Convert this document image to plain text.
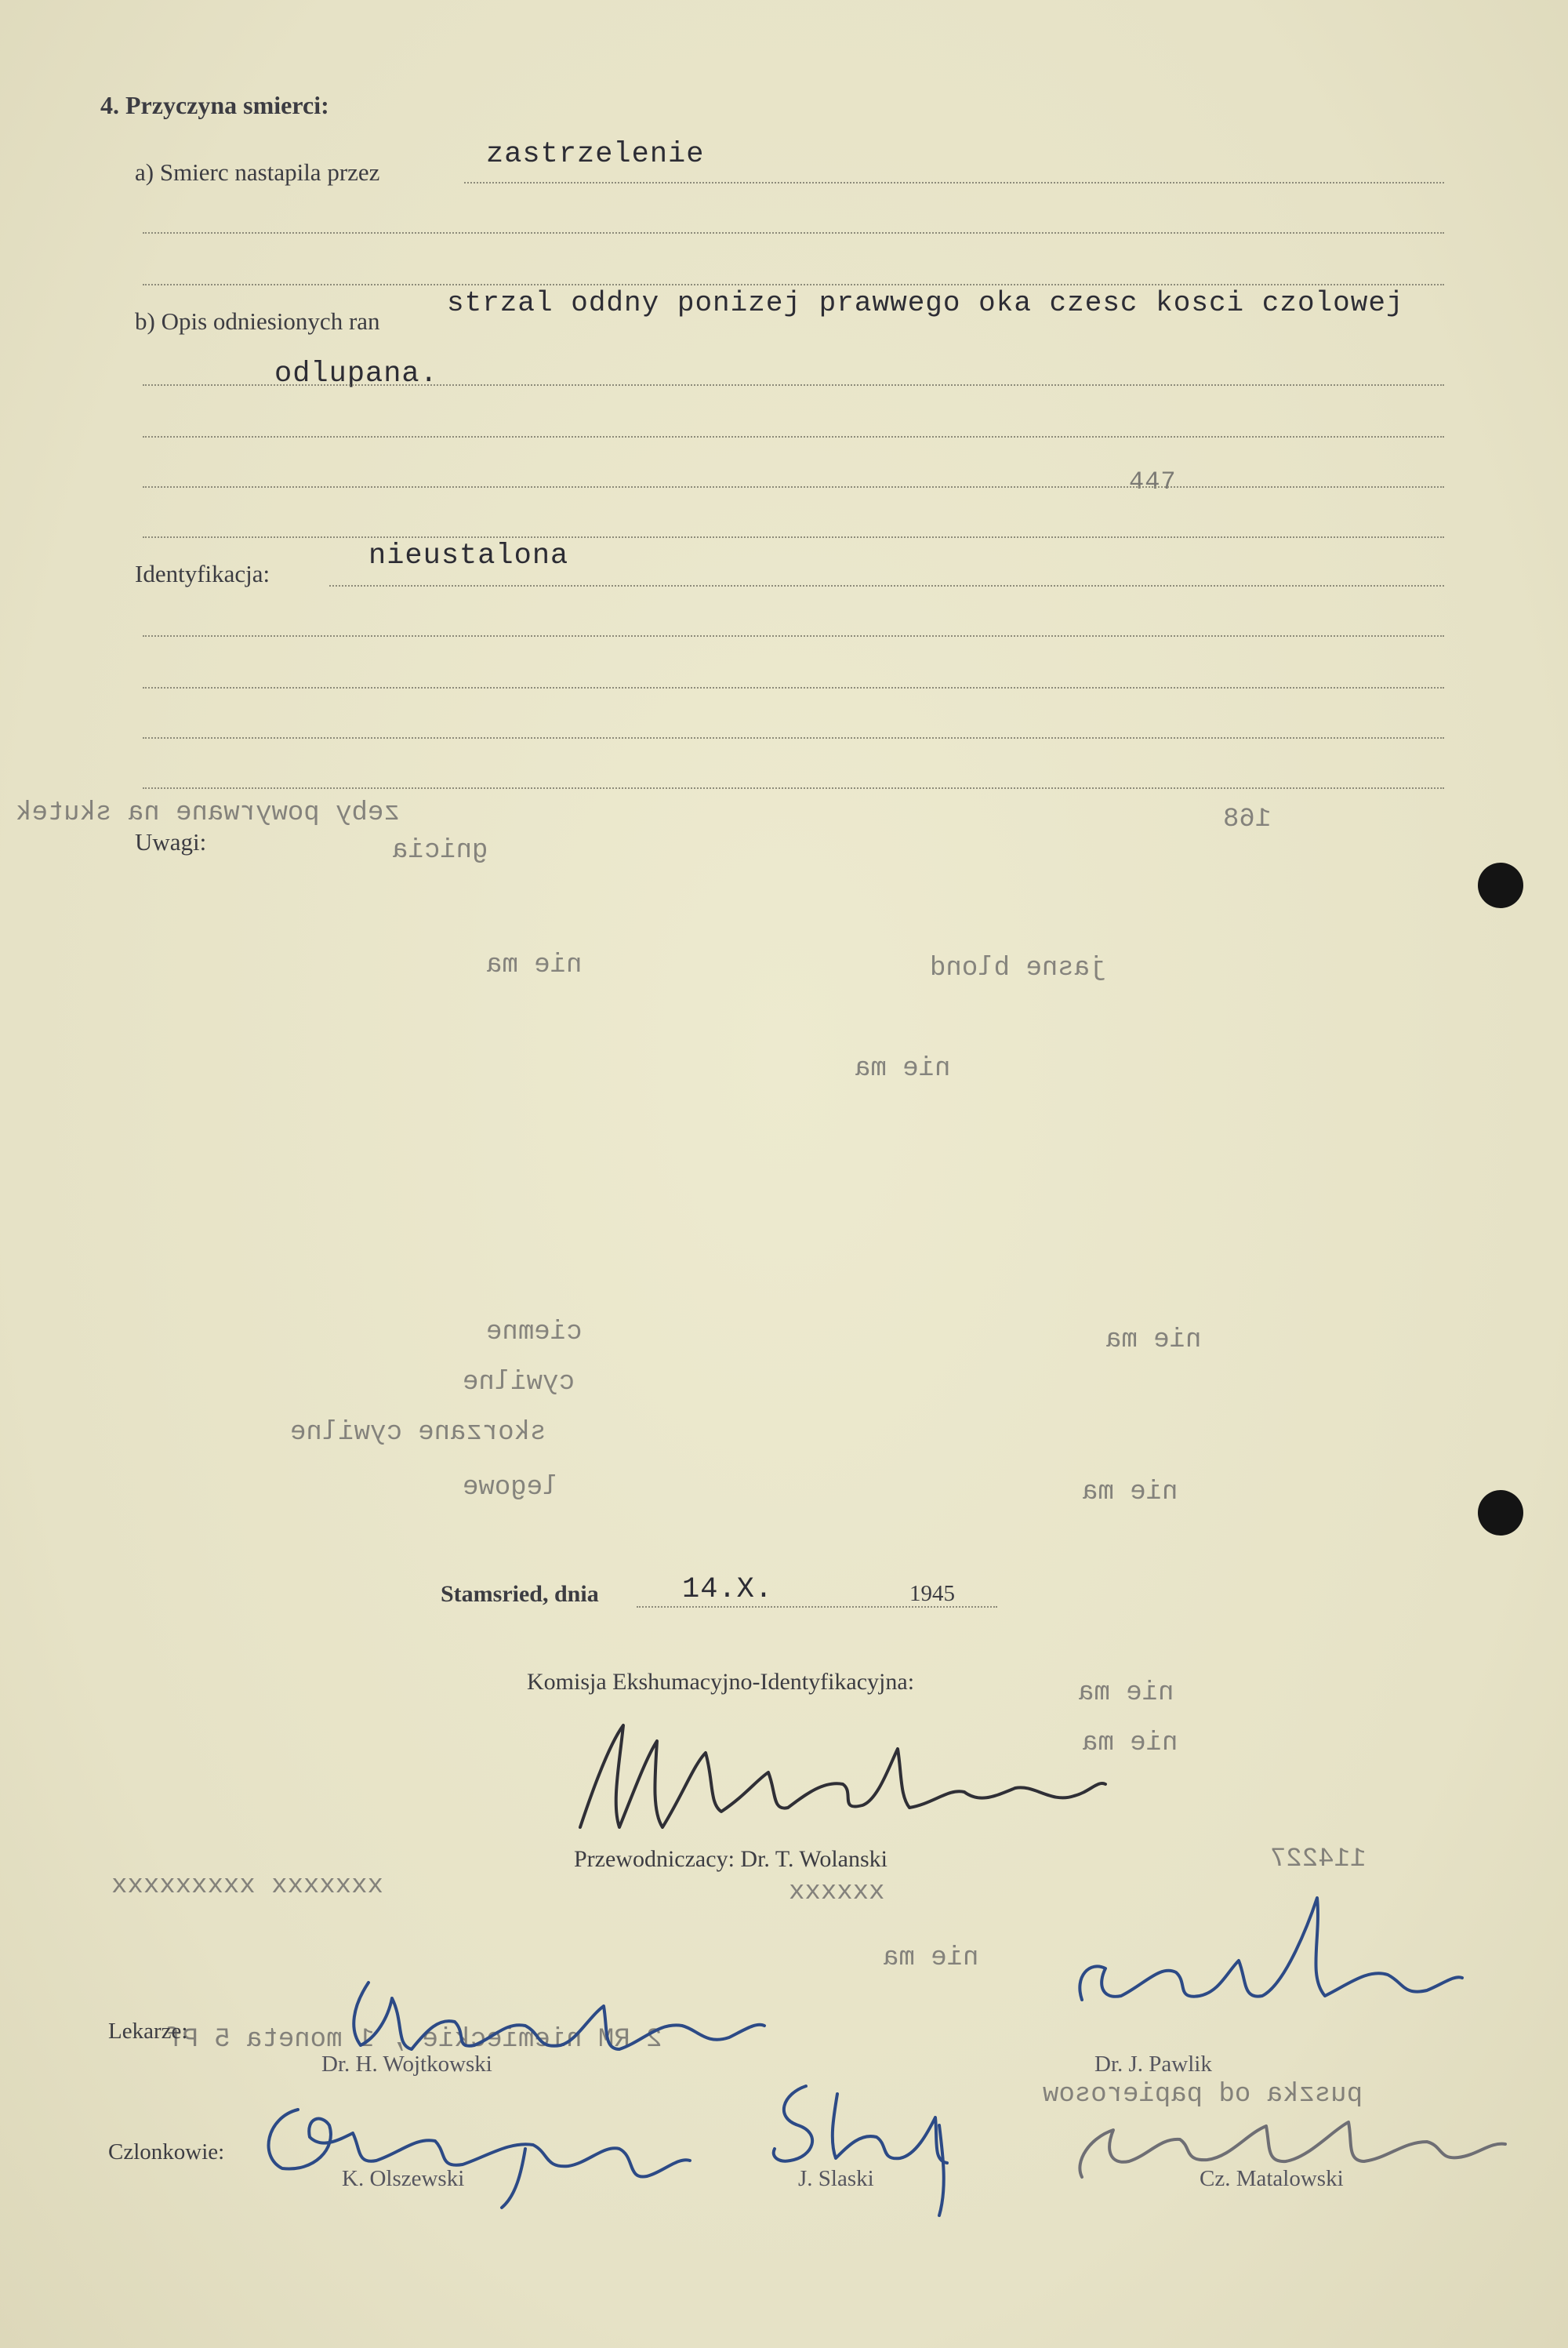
4. Przyczyna smierci:
a) Smierc nastapila przez
zastrzelenie
b) Opis odniesionych ran
strzal oddny ponizej prawwego oka czesc kosci czolowej
odlupana.
447
Identyfikacja:
nieustalona
Uwagi:
zeby powyrwane na skutek	168
gnicia
nie ma	jasne blond
nie ma
ciemne	nie ma
cywilne
skorzane cywilne
legowe	nie ma
nie ma
nie ma
xxxxxxx xxxxxxxxx
114227
xxxxxx
nie ma
2 RM niemieckie , 1 moneta 5 Pf
puszka od papierosow
Stamsried, dnia	14.X.	1945
Komisja Ekshumacyjno-Identyfikacyjna:
Przewodniczacy: Dr. T. Wolanski
Lekarze:
Dr. H. Wojtkowski	Dr. J. Pawlik
Czlonkowie:
K. Olszewski	J. Slaski	Cz. Matalowski
